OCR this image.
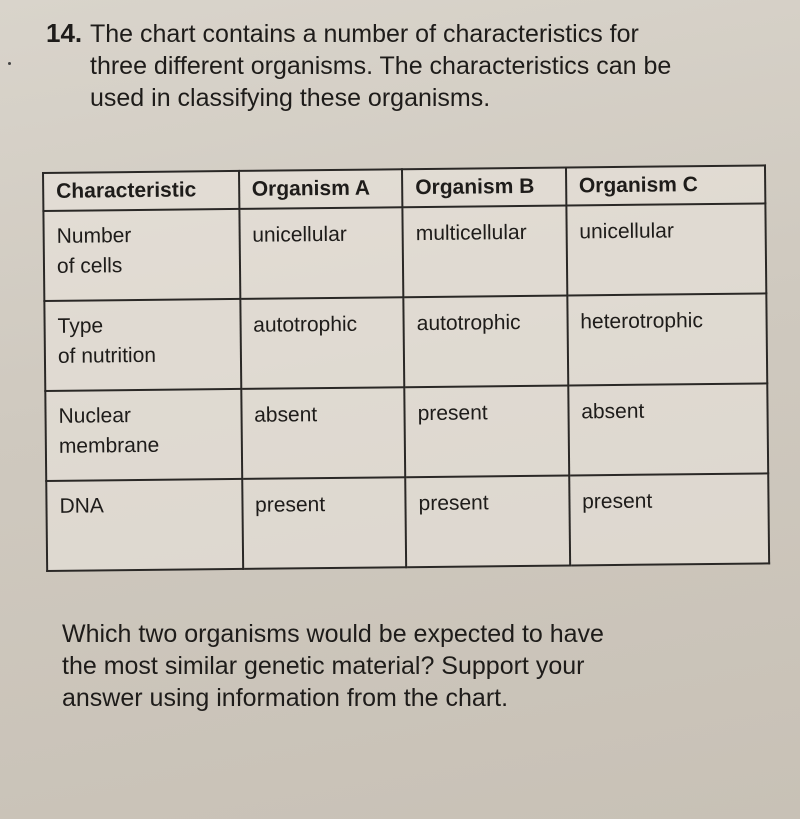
14. The chart contains a number of characteristics for
three different organisms. The characteristics can be
used in classifying these organisms.
Characteristic	Organism A	Organism B	Organism C

Number
of cells	unicellular	multicellular	unicellular

Type
of nutrition	autotrophic	autotrophic	heterotrophic

Nuclear
membrane	absent	present	absent

DNA	present	present	present
Which two organisms would be expected to have
the most similar genetic material? Support your
answer using information from the chart.
